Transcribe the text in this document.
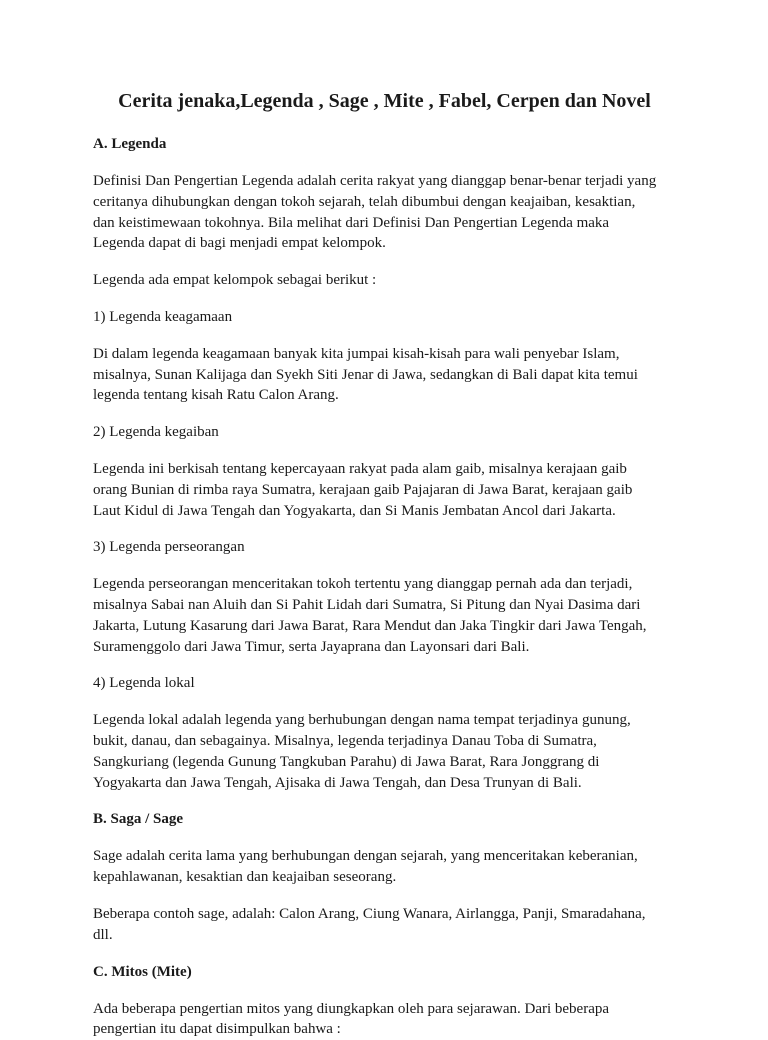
Cerita jenaka,Legenda , Sage , Mite , Fabel, Cerpen dan Novel
A. Legenda

Definisi Dan Pengertian Legenda adalah cerita rakyat yang dianggap benar-benar terjadi yang
ceritanya dihubungkan dengan tokoh sejarah, telah dibumbui dengan keajaiban, kesaktian,
dan keistimewaan tokohnya. Bila melihat dari Definisi Dan Pengertian Legenda maka
Legenda dapat di bagi menjadi empat kelompok.

Legenda ada empat kelompok sebagai berikut :

1) Legenda keagamaan

Di dalam legenda keagamaan banyak kita jumpai kisah-kisah para wali penyebar Islam,
misalnya, Sunan Kalijaga dan Syekh Siti Jenar di Jawa, sedangkan di Bali dapat kita temui
legenda tentang kisah Ratu Calon Arang.

2) Legenda kegaiban

Legenda ini berkisah tentang kepercayaan rakyat pada alam gaib, misalnya kerajaan gaib
orang Bunian di rimba raya Sumatra, kerajaan gaib Pajajaran di Jawa Barat, kerajaan gaib
Laut Kidul di Jawa Tengah dan Yogyakarta, dan Si Manis Jembatan Ancol dari Jakarta.

3) Legenda perseorangan

Legenda perseorangan menceritakan tokoh tertentu yang dianggap pernah ada dan terjadi,
misalnya Sabai nan Aluih dan Si Pahit Lidah dari Sumatra, Si Pitung dan Nyai Dasima dari
Jakarta, Lutung Kasarung dari Jawa Barat, Rara Mendut dan Jaka Tingkir dari Jawa Tengah,
Suramenggolo dari Jawa Timur, serta Jayaprana dan Layonsari dari Bali.

4) Legenda lokal

Legenda lokal adalah legenda yang berhubungan dengan nama tempat terjadinya gunung,
bukit, danau, dan sebagainya. Misalnya, legenda terjadinya Danau Toba di Sumatra,
Sangkuriang (legenda Gunung Tangkuban Parahu) di Jawa Barat, Rara Jonggrang di
Yogyakarta dan Jawa Tengah, Ajisaka di Jawa Tengah, dan Desa Trunyan di Bali.

B. Saga / Sage

Sage adalah cerita lama yang berhubungan dengan sejarah, yang menceritakan keberanian,
kepahlawanan, kesaktian dan keajaiban seseorang.

Beberapa contoh sage, adalah: Calon Arang, Ciung Wanara, Airlangga, Panji, Smaradahana,
dll.

C. Mitos (Mite)

Ada beberapa pengertian mitos yang diungkapkan oleh para sejarawan. Dari beberapa
pengertian itu dapat disimpulkan bahwa :
